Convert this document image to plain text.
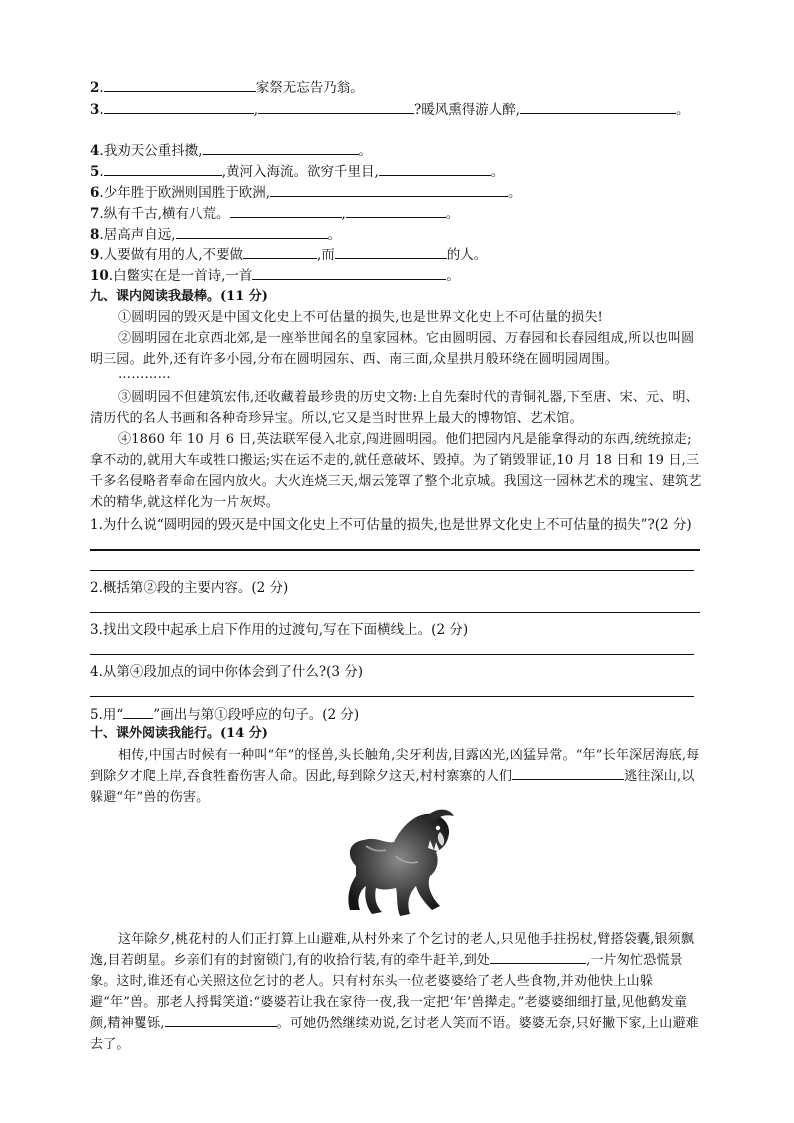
2.	家祭无忘告乃翁。
3.	,	?暖风熏得游人醉,	。
4.我劝天公重抖擞,	。
5.	,黄河入海流。欲穷千里目,	。
6.少年胜于欧洲则国胜于欧洲,	。
7.纵有千古,横有八荒。	,	。
8.居高声自远,	。
9.人要做有用的人,不要做	,而	的人。
10.白鳖实在是一首诗,一首	。
九、课内阅读我最棒。(11 分)
①圆明园的毁灭是中国文化史上不可估量的损失,也是世界文化史上不可估量的损失!
②圆明园在北京西北郊,是一座举世闻名的皇家园林。它由圆明园、万春园和长春园组成,所以也叫圆明三园。此外,还有许多小园,分布在圆明园东、西、南三面,众星拱月般环绕在圆明园周围。
…………
③圆明园不但建筑宏伟,还收藏着最珍贵的历史文物:上自先秦时代的青铜礼器,下至唐、宋、元、明、清历代的名人书画和各种奇珍异宝。所以,它又是当时世界上最大的博物馆、艺术馆。
④1860 年 10 月 6 日,英法联军侵入北京,闯进圆明园。他们把园内凡是能拿得动的东西,统统掠走;拿不动的,就用大车或牲口搬运;实在运不走的,就任意破坏、毁掉。为了销毁罪证,10 月 18 日和 19 日,三千多名侵略者奉命在园内放火。大火连烧三天,烟云笼罩了整个北京城。我国这一园林艺术的瑰宝、建筑艺术的精华,就这样化为一片灰烬。
1.为什么说“圆明园的毁灭是中国文化史上不可估量的损失,也是世界文化史上不可估量的损失”?(2 分)
2.概括第②段的主要内容。(2 分)
3.找出文段中起承上启下作用的过渡句,写在下面横线上。(2 分)
4.从第④段加点的词中你体会到了什么?(3 分)
5.用“ ”画出与第①段呼应的句子。(2 分)
十、课外阅读我能行。(14 分)
相传,中国古时候有一种叫“年”的怪兽,头长触角,尖牙利齿,目露凶光,凶猛异常。“年”长年深居海底,每到除夕才爬上岸,吞食牲畜伤害人命。因此,每到除夕这天,村村寨寨的人们	逃往深山,以躲避“年”兽的伤害。
这年除夕,桃花村的人们正打算上山避难,从村外来了个乞讨的老人,只见他手拄拐杖,臂搭袋囊,银须飘逸,目若朗星。乡亲们有的封窗锁门,有的收拾行装,有的牵牛赶羊,到处	,一片匆忙恐慌景象。这时,谁还有心关照这位乞讨的老人。只有村东头一位老婆婆给了老人些食物,并劝他快上山躲避“年”兽。那老人捋髯笑道:“婆婆若让我在家待一夜,我一定把‘年’兽撵走。”老婆婆细细打量,见他鹤发童颜,精神矍铄,	。可她仍然继续劝说,乞讨老人笑而不语。婆婆无奈,只好撇下家,上山避难去了。
